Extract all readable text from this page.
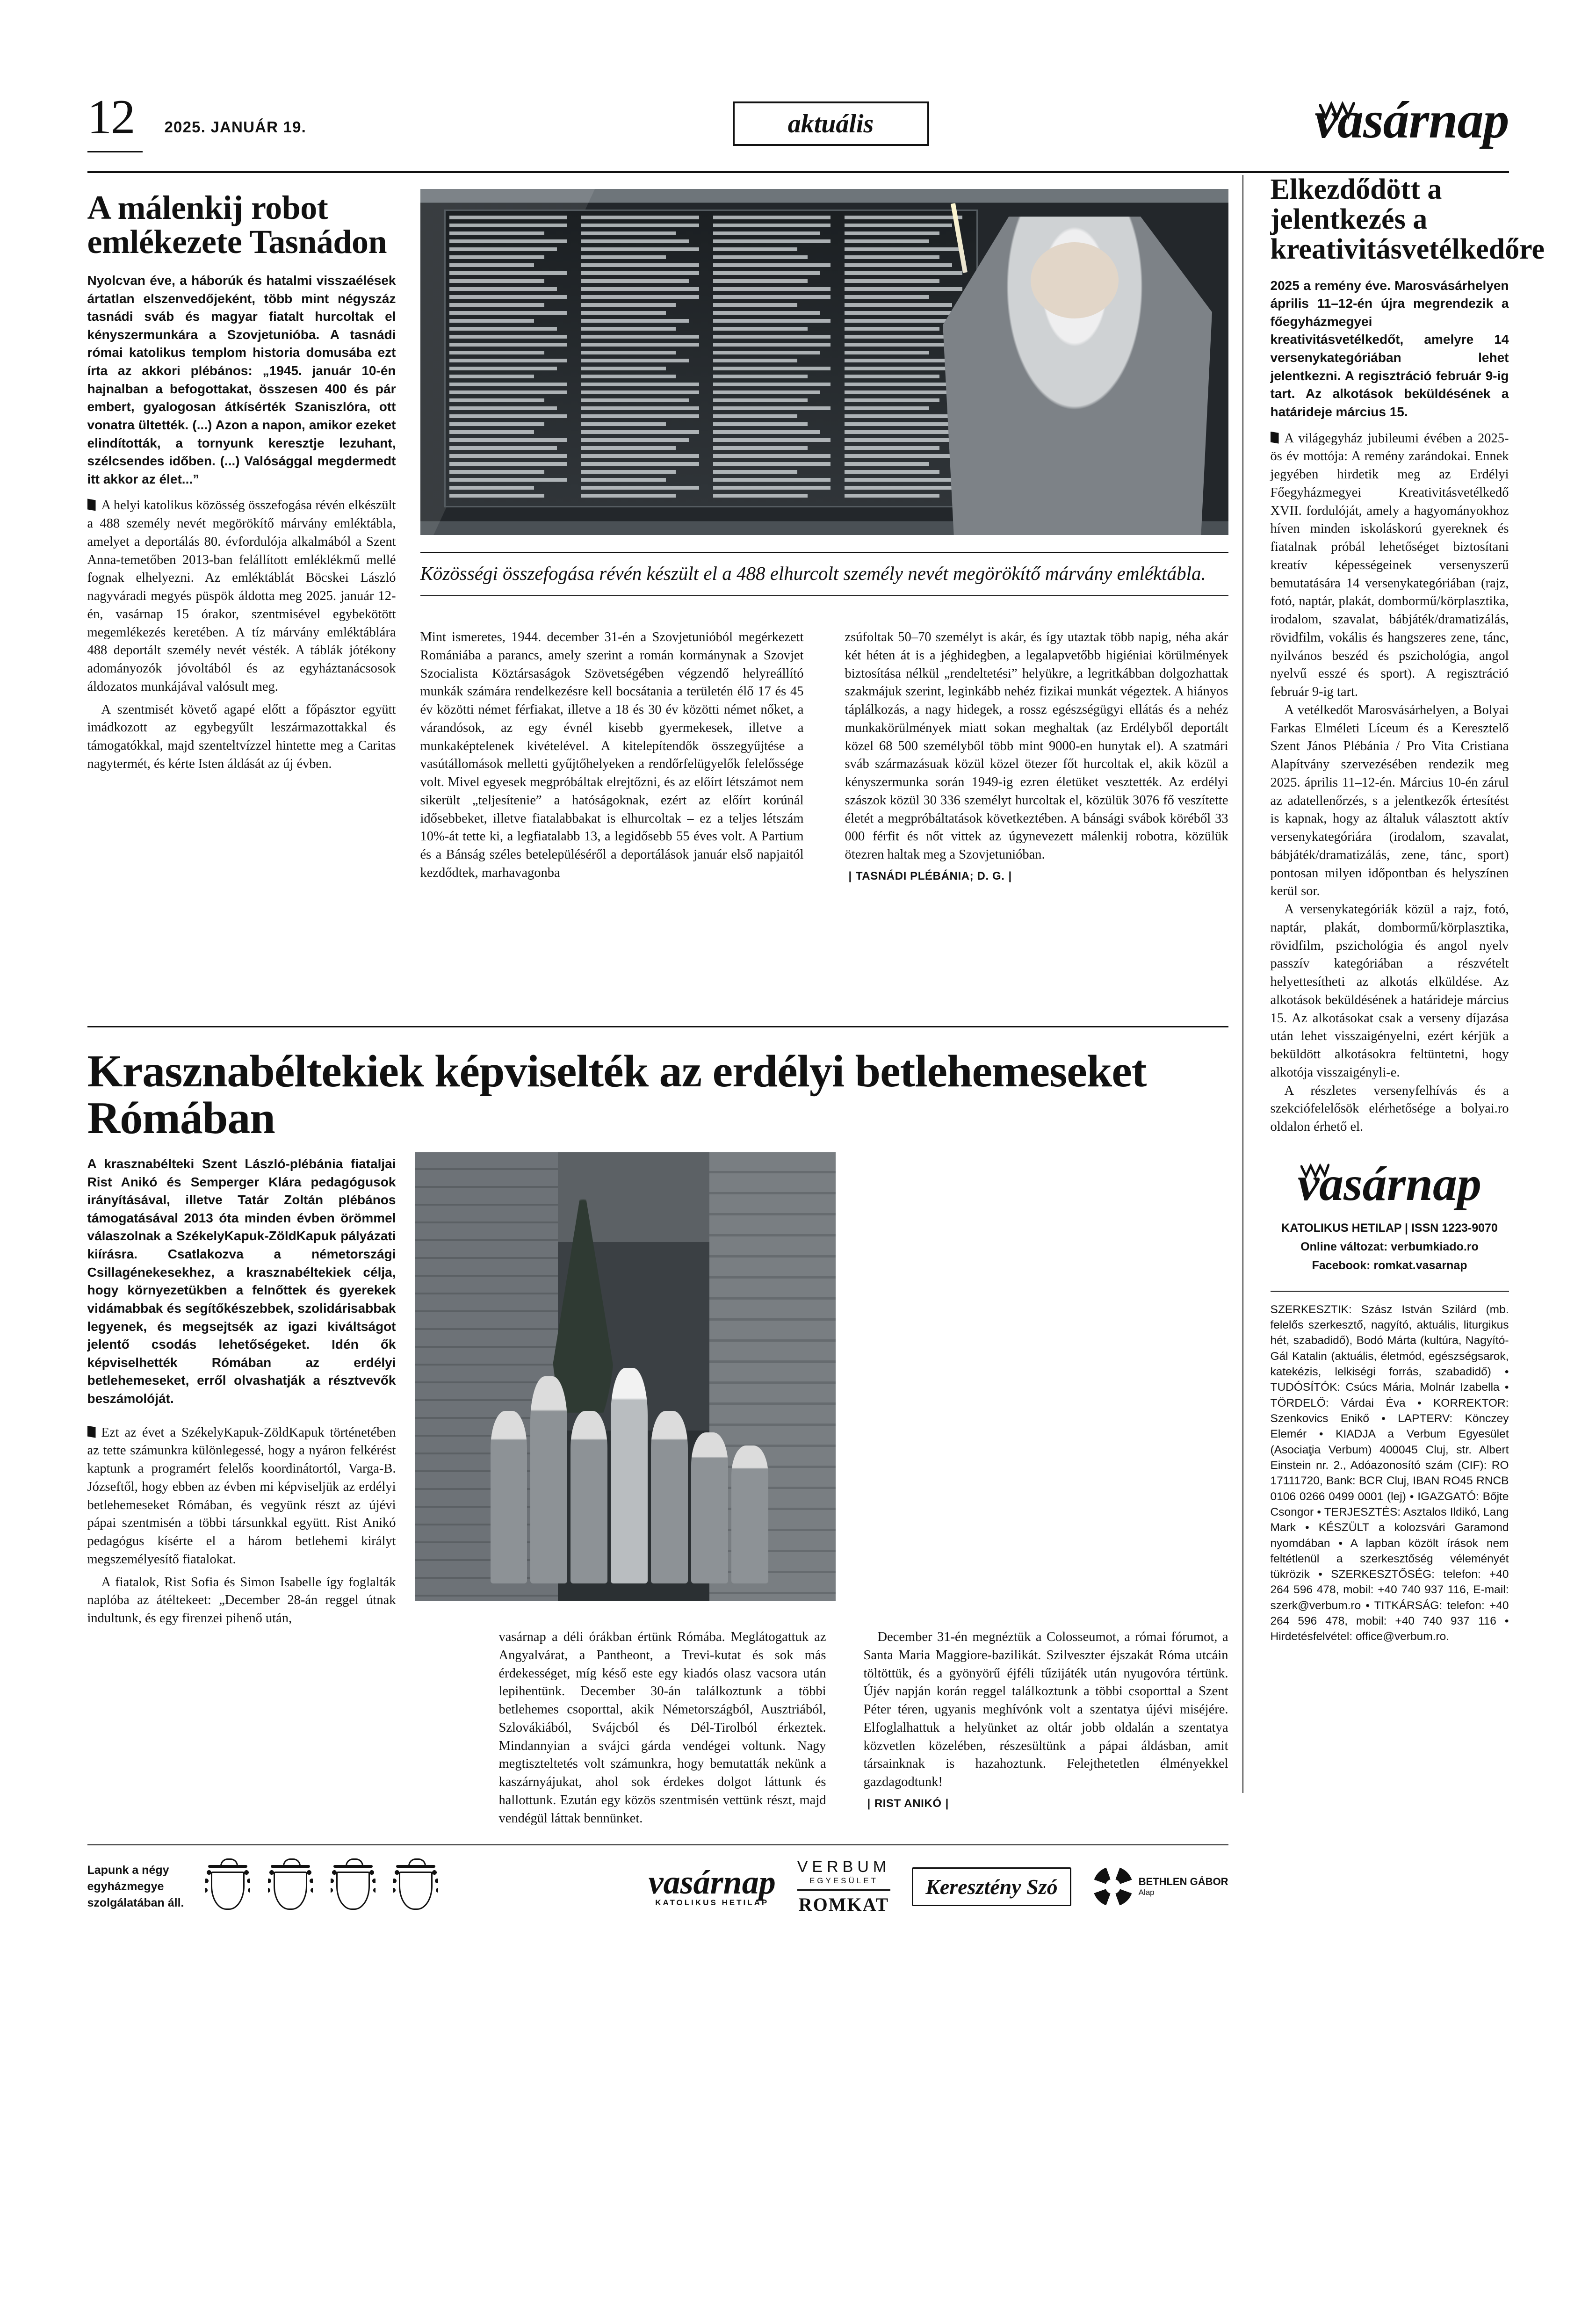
12 2025. JANUÁR 19.	aktuális	vasárnap
A málenkij robot emlékezete Tasnádon

Nyolcvan éve, a háborúk és hatalmi visszaélések ártatlan elszenvedőjeként, több mint négyszáz tasnádi sváb és magyar fiatalt hurcoltak el kényszermunkára a Szovjetunióba. A tasnádi római katolikus templom historia domusába ezt írta az akkori plébános: „1945. január 10-én hajnalban a befogottakat, összesen 400 és pár embert, gyalogosan átkísérték Szaniszlóra, ott vonatra ültették. (...) Azon a napon, amikor ezeket elindították, a tornyunk keresztje lezuhant, szélcsendes időben. (...) Valósággal megdermedt itt akkor az élet...”

A helyi katolikus közösség összefogása révén elkészült a 488 személy nevét megörökítő márvány emléktábla, amelyet a deportálás 80. évfordulója alkalmából a Szent Anna-temetőben 2013-ban felállított emléklékmű mellé fognak elhelyezni. Az emléktáblát Böcskei László nagyváradi megyés püspök áldotta meg 2025. január 12-én, vasárnap 15 órakor, szentmisével egybekötött megemlékezés keretében. A tíz márvány emléktáblára 488 deportált személy nevét vésték. A táblák jótékony adományozók jóvoltából és az egyháztanácsosok áldozatos munkájával valósult meg.

A szentmisét követő agapé előtt a főpásztor együtt imádkozott az egybegyűlt leszármazottakkal és támogatókkal, majd szenteltvízzel hintette meg a Caritas nagytermét, és kérte Isten áldását az új évben.

Közösségi összefogása révén készült el a 488 elhurcolt személy nevét megörökítő márvány emléktábla.

Mint ismeretes, 1944. december 31-én a Szovjetunióból megérkezett Romániába a parancs, amely szerint a román kormánynak a Szovjet Szocialista Köztársaságok Szövetségében végzendő helyreállító munkák számára rendelkezésre kell bocsátania a területén élő 17 és 45 év közötti német férfiakat, illetve a 18 és 30 év közötti német nőket, a várandósok, az egy évnél kisebb gyermekesek, illetve a munkaképtelenek kivételével. A kitelepítendők összegyűjtése a vasútállomások melletti gyűjtőhelyeken a rendőrfelügyelők felelőssége volt. Mivel egyesek megpróbáltak elrejtőzni, és az előírt létszámot nem sikerült „teljesítenie” a hatóságoknak, ezért az előírt korúnál idősebbeket, illetve fiatalabbakat is elhurcoltak – ez a teljes létszám 10%-át tette ki, a legfiatalabb 13, a legidősebb 55 éves volt. A Partium és a Bánság széles betelepüléséről a deportálások január első napjaitól kezdődtek, marhavagonba

zsúfoltak 50–70 személyt is akár, és így utaztak több napig, néha akár két héten át is a jéghidegben, a legalapvetőbb higiéniai körülmények biztosítása nélkül „rendeltetési” helyükre, a legritkábban dolgozhattak szakmájuk szerint, leginkább nehéz fizikai munkát végeztek. A hiányos táplálkozás, a nagy hidegek, a rossz egészségügyi ellátás és a nehéz munkakörülmények miatt sokan meghaltak (az Erdélyből deportált közel 68 500 személyből több mint 9000-en hunytak el). A szatmári sváb származásuak közül közel ötezer főt hurcoltak el, akik közül a kényszermunka során 1949-ig ezren életüket vesztették. Az erdélyi szászok közül 30 336 személyt hurcoltak el, közülük 3076 fő veszítette életét a megpróbáltatások következtében. A bánsági svábok köréből 33 000 férfit és nőt vittek az úgynevezett málenkij robotra, közülük ötezren haltak meg a Szovjetunióban.

| TASNÁDI PLÉBÁNIA; D. G. |
Krasznabéltekiek képviselték az erdélyi betlehemeseket Rómában

A krasznabélteki Szent László-plébánia fiataljai Rist Anikó és Semperger Klára pedagógusok irányításával, illetve Tatár Zoltán plébános támogatásával 2013 óta minden évben örömmel válaszolnak a SzékelyKapuk-ZöldKapuk pályázati kiírásra. Csatlakozva a németországi Csillagénekesekhez, a krasznabéltekiek célja, hogy környezetükben a felnőttek és gyerekek vidámabbak és segítőkészebbek, szolidárisabbak legyenek, és megsejtsék az igazi kiváltságot jelentő csodás lehetőségeket. Idén ők képviselhették Rómában az erdélyi betlehemeseket, erről olvashatják a résztvevők beszámolóját.

Ezt az évet a SzékelyKapuk-ZöldKapuk történetében az tette számunkra különlegessé, hogy a nyáron felkérést kaptunk a programért felelős koordinátortól, Varga-B. Józseftől, hogy ebben az évben mi képviseljük az erdélyi betlehemeseket Rómában, és vegyünk részt az újévi pápai szentmisén a többi társunkkal együtt. Rist Anikó pedagógus kísérte el a három betlehemi királyt megszemélyesítő fiatalokat.

A fiatalok, Rist Sofia és Simon Isabelle így foglalták naplóba az átéltekeet: „December 28-án reggel útnak indultunk, és egy firenzei pihenő után,

vasárnap a déli órákban értünk Rómába. Meglátogattuk az Angyalvárat, a Pantheont, a Trevi-kutat és sok más érdekességet, míg késő este egy kiadós olasz vacsora után lepihentünk. December 30-án találkoztunk a többi betlehemes csoporttal, akik Németországból, Ausztriából, Szlovákiából, Svájcból és Dél-Tirolból érkeztek. Mindannyian a svájci gárda vendégei voltunk. Nagy megtiszteltetés volt számunkra, hogy bemutatták nekünk a kaszárnyájukat, ahol sok érdekes dolgot láttunk és hallottunk. Ezután egy közös szentmisén vettünk részt, majd vendégül láttak bennünket.

December 31-én megnéztük a Colosseumot, a római fórumot, a Santa Maria Maggiore-bazilikát. Szilveszter éjszakát Róma utcáin töltöttük, és a gyönyörű éjféli tűzijáték után nyugovóra tértünk. Újév napján korán reggel találkoztunk a többi csoporttal a Szent Péter téren, ugyanis meghívónk volt a szentatya újévi miséjére. Elfoglalhattuk a helyünket az oltár jobb oldalán a szentatya közvetlen közelében, részesültünk a pápai áldásban, amit társainknak is hazahoztunk. Felejthetetlen élményekkel gazdagodtunk!

| RIST ANIKÓ |
Elkezdődött a jelentkezés a kreativitásvetélkedőre

2025 a remény éve. Marosvásárhelyen április 11–12-én újra megrendezik a főegyházmegyei kreativitásvetélkedőt, amelyre 14 versenykategóriában lehet jelentkezni. A regisztráció február 9-ig tart. Az alkotások beküldésének a határideje március 15.

A világegyház jubileumi évében a 2025-ös év mottója: A remény zarándokai. Ennek jegyében hirdetik meg az Erdélyi Főegyházmegyei Kreativitásvetélkedő XVII. fordulóját, amely a hagyományokhoz híven minden iskoláskorú gyereknek és fiatalnak próbál lehetőséget biztosítani kreatív képességeinek versenyszerű bemutatására 14 versenykategóriában (rajz, fotó, naptár, plakát, dombormű/körplasztika, irodalom, szavalat, bábjáték/dramatizálás, rövidfilm, vokális és hangszeres zene, tánc, nyilvános beszéd és pszichológia, angol nyelvű esszé és sport). A regisztráció február 9-ig tart.

A vetélkedőt Marosvásárhelyen, a Bolyai Farkas Elméleti Líceum és a Keresztelő Szent János Plébánia / Pro Vita Cristiana Alapítvány szervezésében rendezik meg 2025. április 11–12-én. Március 10-én zárul az adatellenőrzés, s a jelentkezők értesítést is kapnak, hogy az általuk választott aktív versenykategóriára (irodalom, szavalat, bábjáték/dramatizálás, zene, tánc, sport) pontosan milyen időpontban és helyszínen kerül sor.

A versenykategóriák közül a rajz, fotó, naptár, plakát, dombormű/körplasztika, rövidfilm, pszichológia és angol nyelv passzív kategóriában a részvételt helyettesítheti az alkotás elküldése. Az alkotások beküldésének a határideje március 15. Az alkotásokat csak a verseny díjazása után lehet visszaigényelni, ezért kérjük a beküldött alkotásokra feltüntetni, hogy alkotója visszaigényli-e.

A részletes versenyfelhívás és a szekciófelelősök elérhetősége a bolyai.ro oldalon érhető el.

vasárnap
KATOLIKUS HETILAP | ISSN 1223-9070
Online változat: verbumkiado.ro
Facebook: romkat.vasarnap
SZERKESZTIK: Szász István Szilárd (mb. felelős szerkesztő, nagyító, aktuális, liturgikus hét, szabadidő), Bodó Márta (kultúra, Nagyító-Gál Katalin (aktuális, életmód, egészségsarok, katekézis, lelkiségi forrás, szabadidő) • TUDÓSÍTÓK: Csúcs Mária, Molnár Izabella • TÖRDELŐ: Várdai Éva • KORREKTOR: Szenkovics Enikő • LAPTERV: Könczey Elemér • KIADJA a Verbum Egyesület (Asociaţia Verbum) 400045 Cluj, str. Albert Einstein nr. 2., Adóazonosító szám (CIF): RO 17111720, Bank: BCR Cluj, IBAN RO45 RNCB 0106 0266 0499 0001 (lej) • IGAZGATÓ: Bőjte Csongor • TERJESZTÉS: Asztalos Ildikó, Lang Mark • KÉSZÜLT a kolozsvári Garamond nyomdában • A lapban közölt írások nem feltétlenül a szerkesztőség véleményét tükrözik • SZERKESZTŐSÉG: telefon: +40 264 596 478, mobil: +40 740 937 116, E-mail: szerk@verbum.ro • TITKÁRSÁG: telefon: +40 264 596 478, mobil: +40 740 937 116 • Hirdetésfelvétel: office@verbum.ro.
Lapunk a négy egyházmegye szolgálatában áll.
vasárnap
KATOLIKUS HETILAP
VERBUM
EGYESÜLET
ROMKAT
Keresztény Szó	BETHLEN GÁBOR
Alap
